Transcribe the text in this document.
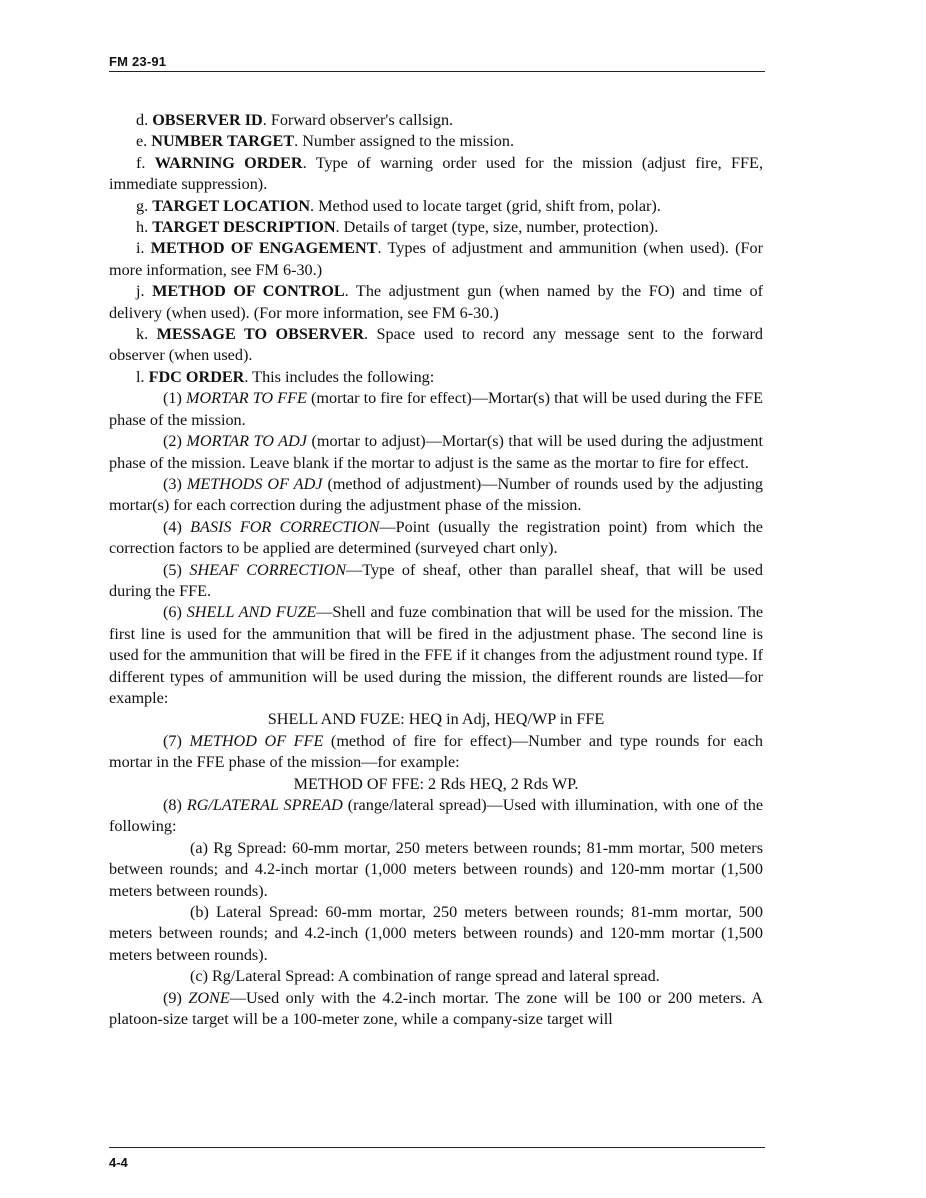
FM 23-91

d. OBSERVER ID. Forward observer's callsign.

e. NUMBER TARGET. Number assigned to the mission.

f. WARNING ORDER. Type of warning order used for the mission (adjust fire, FFE, immediate suppression).

g. TARGET LOCATION. Method used to locate target (grid, shift from, polar).

h. TARGET DESCRIPTION. Details of target (type, size, number, protection).

i. METHOD OF ENGAGEMENT. Types of adjustment and ammunition (when used). (For more information, see FM 6-30.)

j. METHOD OF CONTROL. The adjustment gun (when named by the FO) and time of delivery (when used). (For more information, see FM 6-30.)

k. MESSAGE TO OBSERVER. Space used to record any message sent to the forward observer (when used).

l. FDC ORDER. This includes the following:

(1) MORTAR TO FFE (mortar to fire for effect)—Mortar(s) that will be used during the FFE phase of the mission.

(2) MORTAR TO ADJ (mortar to adjust)—Mortar(s) that will be used during the adjustment phase of the mission. Leave blank if the mortar to adjust is the same as the mortar to fire for effect.

(3) METHODS OF ADJ (method of adjustment)—Number of rounds used by the adjusting mortar(s) for each correction during the adjustment phase of the mission.

(4) BASIS FOR CORRECTION—Point (usually the registration point) from which the correction factors to be applied are determined (surveyed chart only).

(5) SHEAF CORRECTION—Type of sheaf, other than parallel sheaf, that will be used during the FFE.

(6) SHELL AND FUZE—Shell and fuze combination that will be used for the mission. The first line is used for the ammunition that will be fired in the adjustment phase. The second line is used for the ammunition that will be fired in the FFE if it changes from the adjustment round type. If different types of ammunition will be used during the mission, the different rounds are listed—for example:

SHELL AND FUZE: HEQ in Adj, HEQ/WP in FFE

(7) METHOD OF FFE (method of fire for effect)—Number and type rounds for each mortar in the FFE phase of the mission—for example:

METHOD OF FFE: 2 Rds HEQ, 2 Rds WP.

(8) RG/LATERAL SPREAD (range/lateral spread)—Used with illumination, with one of the following:

(a) Rg Spread: 60-mm mortar, 250 meters between rounds; 81-mm mortar, 500 meters between rounds; and 4.2-inch mortar (1,000 meters between rounds) and 120-mm mortar (1,500 meters between rounds).

(b) Lateral Spread: 60-mm mortar, 250 meters between rounds; 81-mm mortar, 500 meters between rounds; and 4.2-inch (1,000 meters between rounds) and 120-mm mortar (1,500 meters between rounds).

(c) Rg/Lateral Spread: A combination of range spread and lateral spread.

(9) ZONE—Used only with the 4.2-inch mortar. The zone will be 100 or 200 meters. A platoon-size target will be a 100-meter zone, while a company-size target will

4-4
